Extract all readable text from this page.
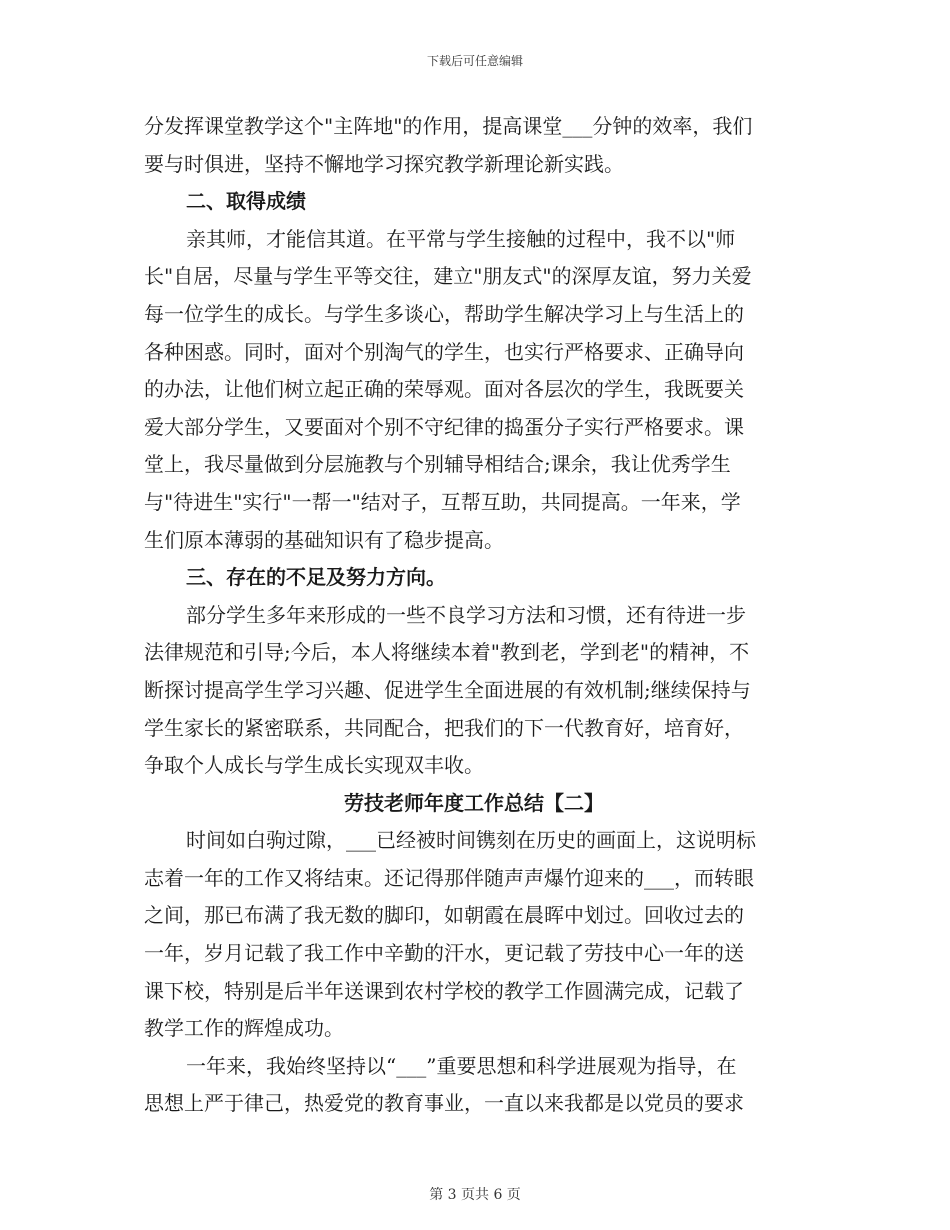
下载后可任意编辑
分发挥课堂教学这个"主阵地"的作用，提高课堂___分钟的效率，我们
要与时俱进，坚持不懈地学习探究教学新理论新实践。
二、取得成绩
亲其师，才能信其道。在平常与学生接触的过程中，我不以"师
长"自居，尽量与学生平等交往，建立"朋友式"的深厚友谊，努力关爱
每一位学生的成长。与学生多谈心，帮助学生解决学习上与生活上的
各种困惑。同时，面对个别淘气的学生，也实行严格要求、正确导向
的办法，让他们树立起正确的荣辱观。面对各层次的学生，我既要关
爱大部分学生，又要面对个别不守纪律的捣蛋分子实行严格要求。课
堂上，我尽量做到分层施教与个别辅导相结合;课余，我让优秀学生
与"待进生"实行"一帮一"结对子，互帮互助，共同提高。一年来，学
生们原本薄弱的基础知识有了稳步提高。
三、存在的不足及努力方向。
部分学生多年来形成的一些不良学习方法和习惯，还有待进一步
法律规范和引导;今后，本人将继续本着"教到老，学到老"的精神，不
断探讨提高学生学习兴趣、促进学生全面进展的有效机制;继续保持与
学生家长的紧密联系，共同配合，把我们的下一代教育好，培育好，
争取个人成长与学生成长实现双丰收。
劳技老师年度工作总结【二】
时间如白驹过隙，___已经被时间镌刻在历史的画面上，这说明标
志着一年的工作又将结束。还记得那伴随声声爆竹迎来的___，而转眼
之间，那已布满了我无数的脚印，如朝霞在晨晖中划过。回收过去的
一年，岁月记载了我工作中辛勤的汗水，更记载了劳技中心一年的送
课下校，特别是后半年送课到农村学校的教学工作圆满完成，记载了
教学工作的辉煌成功。
一年来，我始终坚持以“___”重要思想和科学进展观为指导，在
思想上严于律己，热爱党的教育事业，一直以来我都是以党员的要求
第 3 页共 6 页
